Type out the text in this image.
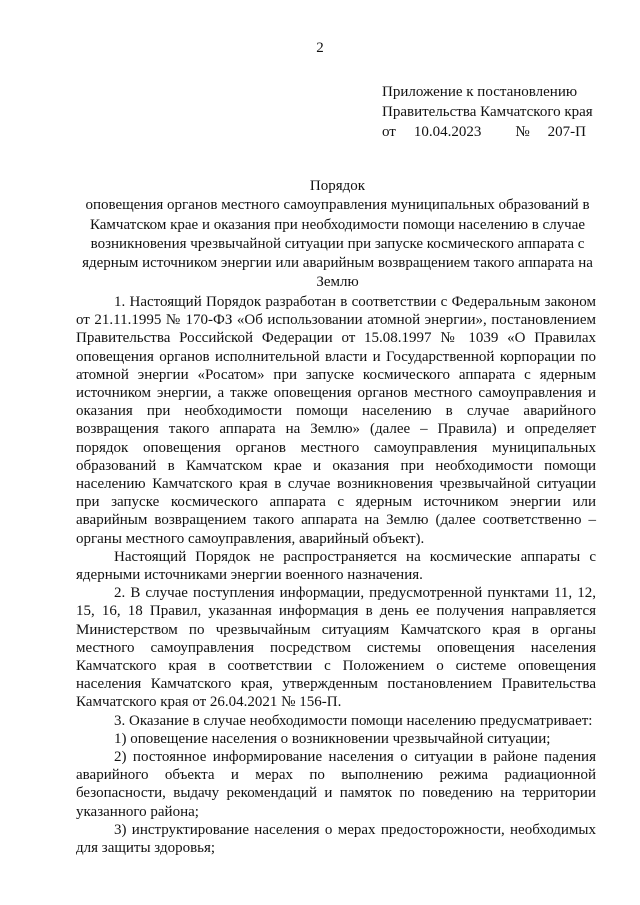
2
Приложение к постановлению
Правительства Камчатского края
от 10.04.2023 № 207-П
Порядок
оповещения органов местного самоуправления муниципальных образований в
Камчатском крае и оказания при необходимости помощи населению в случае
возникновения чрезвычайной ситуации при запуске космического аппарата с
ядерным источником энергии или аварийным возвращением такого аппарата на
Землю

1. Настоящий Порядок разработан в соответствии с Федеральным законом от 21.11.1995 № 170-ФЗ «Об использовании атомной энергии», постановлением Правительства Российской Федерации от 15.08.1997 № 1039 «О Правилах оповещения органов исполнительной власти и Государственной корпорации по атомной энергии «Росатом» при запуске космического аппарата с ядерным источником энергии, а также оповещения органов местного самоуправления и оказания при необходимости помощи населению в случае аварийного возвращения такого аппарата на Землю» (далее – Правила) и определяет порядок оповещения органов местного самоуправления муниципальных образований в Камчатском крае и оказания при необходимости помощи населению Камчатского края в случае возникновения чрезвычайной ситуации при запуске космического аппарата с ядерным источником энергии или аварийным возвращением такого аппарата на Землю (далее соответственно – органы местного самоуправления, аварийный объект).

Настоящий Порядок не распространяется на космические аппараты с ядерными источниками энергии военного назначения.

2. В случае поступления информации, предусмотренной пунктами 11, 12, 15, 16, 18 Правил, указанная информация в день ее получения направляется Министерством по чрезвычайным ситуациям Камчатского края в органы местного самоуправления посредством системы оповещения населения Камчатского края в соответствии с Положением о системе оповещения населения Камчатского края, утвержденным постановлением Правительства Камчатского края от 26.04.2021 № 156-П.

3. Оказание в случае необходимости помощи населению предусматривает:

1) оповещение населения о возникновении чрезвычайной ситуации;

2) постоянное информирование населения о ситуации в районе падения аварийного объекта и мерах по выполнению режима радиационной безопасности, выдачу рекомендаций и памяток по поведению на территории указанного района;

3) инструктирование населения о мерах предосторожности, необходимых для защиты здоровья;
